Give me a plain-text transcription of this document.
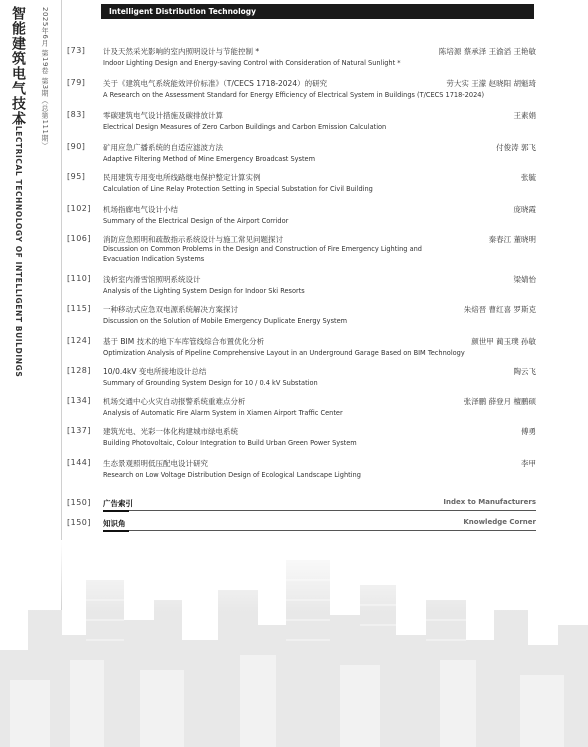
智能建筑电气技术 2025年6月 第19卷 第3期（总第111期）
ELECTRICAL TECHNOLOGY OF INTELLIGENT BUILDINGS
Intelligent Distribution Technology
[73] 计及天然采光影响的室内照明设计与节能控制 *
Indoor Lighting Design and Energy-saving Control with Consideration of Natural Sunlight *
陈培源 蔡承泽 王渝滔 王艳敏
[79] 关于《建筑电气系统能效评价标准》（T/CECS 1718-2024）的研究
A Research on the Assessment Standard for Energy Efficiency of Electrical System in Buildings (T/CECS 1718-2024)
劳大实 王濛 赵晓阳 胡魁琦
[83] 零碳建筑电气设计措施及碳排放计算
Electrical Design Measures of Zero Carbon Buildings and Carbon Emission Calculation
王素娟
[90] 矿用应急广播系统的自适应滤波方法
Adaptive Filtering Method of Mine Emergency Broadcast System
付俊涛 郭飞
[95] 民用建筑专用变电所线路继电保护整定计算实例
Calculation of Line Relay Protection Setting in Special Substation for Civil Building
张毓
[102] 机场指廊电气设计小结
Summary of the Electrical Design of the Airport Corridor
庞晓霞
[106] 消防应急照明和疏散指示系统设计与施工常见问题探讨
Discussion on Common Problems in the Design and Construction of Fire Emergency Lighting and Evacuation Indication Systems
秦春江 董晓明
[110] 浅析室内滑雪馆照明系统设计
Analysis of the Lighting System Design for Indoor Ski Resorts
梁婧怡
[115] 一种移动式应急双电源系统解决方案探讨
Discussion on the Solution of Mobile Emergency Duplicate Energy System
朱焙晋 曹红喜 罗斯克
[124] 基于 BIM 技术的地下车库管线综合布置优化分析
Optimization Analysis of Pipeline Comprehensive Layout in an Underground Garage Based on BIM Technology
颜世甲 蔺玉璞 孙敏
[128] 10/0.4kV 变电所接地设计总结
Summary of Grounding System Design for 10 / 0.4 kV Substation
陶云飞
[134] 机场交通中心火灾自动报警系统重难点分析
Analysis of Automatic Fire Alarm System in Xiamen Airport Traffic Center
张泽鹏 薛登月 檀鹏硕
[137] 建筑光电、光彩一体化构建城市绿电系统
Building Photovoltaic, Colour Integration to Build Urban Green Power System
傅勇
[144] 生态景观照明低压配电设计研究
Research on Low Voltage Distribution Design of Ecological Landscape Lighting
李甲
[150] 广告索引	Index to Manufacturers
[150] 知识角	Knowledge Corner
